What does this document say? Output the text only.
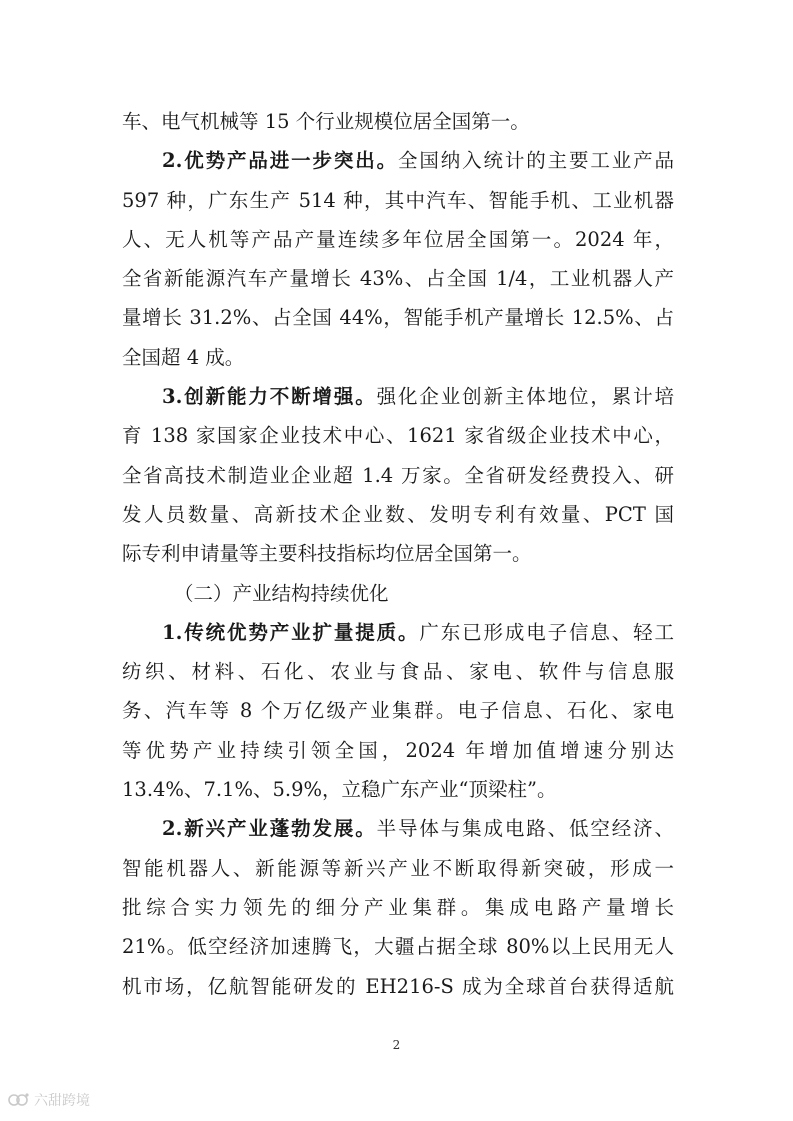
车、电气机械等 15 个行业规模位居全国第一。
2.优势产品进一步突出。全国纳入统计的主要工业产品
597 种，广东生产 514 种，其中汽车、智能手机、工业机器
人、无人机等产品产量连续多年位居全国第一。2024 年，
全省新能源汽车产量增长 43%、占全国 1/4，工业机器人产
量增长 31.2%、占全国 44%，智能手机产量增长 12.5%、占
全国超 4 成。
3.创新能力不断增强。强化企业创新主体地位，累计培
育 138 家国家企业技术中心、1621 家省级企业技术中心，
全省高技术制造业企业超 1.4 万家。全省研发经费投入、研
发人员数量、高新技术企业数、发明专利有效量、PCT 国
际专利申请量等主要科技指标均位居全国第一。
（二）产业结构持续优化
1.传统优势产业扩量提质。广东已形成电子信息、轻工
纺织、材料、石化、农业与食品、家电、软件与信息服
务、汽车等 8 个万亿级产业集群。电子信息、石化、家电
等优势产业持续引领全国，2024 年增加值增速分别达
13.4%、7.1%、5.9%，立稳广东产业“顶梁柱”。
2.新兴产业蓬勃发展。半导体与集成电路、低空经济、
智能机器人、新能源等新兴产业不断取得新突破，形成一
批综合实力领先的细分产业集群。集成电路产量增长
21%。低空经济加速腾飞，大疆占据全球 80%以上民用无人
机市场，亿航智能研发的 EH216-S 成为全球首台获得适航
2
六甜跨境
